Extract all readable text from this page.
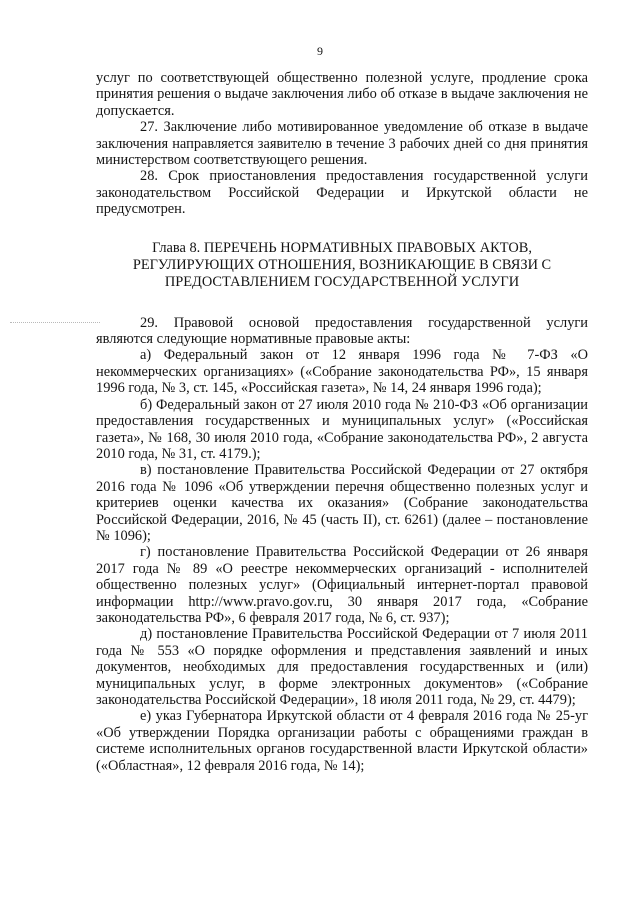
9

услуг по соответствующей общественно полезной услуге, продление срока принятия решения о выдаче заключения либо об отказе в выдаче заключения не допускается.

27. Заключение либо мотивированное уведомление об отказе в выдаче заключения направляется заявителю в течение 3 рабочих дней со дня принятия министерством соответствующего решения.

28. Срок приостановления предоставления государственной услуги законодательством Российской Федерации и Иркутской области не предусмотрен.

Глава 8. ПЕРЕЧЕНЬ НОРМАТИВНЫХ ПРАВОВЫХ АКТОВ,
РЕГУЛИРУЮЩИХ ОТНОШЕНИЯ, ВОЗНИКАЮЩИЕ В СВЯЗИ С
ПРЕДОСТАВЛЕНИЕМ ГОСУДАРСТВЕННОЙ УСЛУГИ

29. Правовой основой предоставления государственной услуги являются следующие нормативные правовые акты:

а) Федеральный закон от 12 января 1996 года № 7-ФЗ «О некоммерческих организациях» («Собрание законодательства РФ», 15 января 1996 года, № 3, ст. 145, «Российская газета», № 14, 24 января 1996 года);

б) Федеральный закон от 27 июля 2010 года № 210-ФЗ «Об организации предоставления государственных и муниципальных услуг» («Российская газета», № 168, 30 июля 2010 года, «Собрание законодательства РФ», 2 августа 2010 года, № 31, ст. 4179.);

в) постановление Правительства Российской Федерации от 27 октября 2016 года № 1096 «Об утверждении перечня общественно полезных услуг и критериев оценки качества их оказания» (Собрание законодательства Российской Федерации, 2016, № 45 (часть II), ст. 6261) (далее – постановление № 1096);

г) постановление Правительства Российской Федерации от 26 января 2017 года № 89 «О реестре некоммерческих организаций - исполнителей общественно полезных услуг» (Официальный интернет-портал правовой информации http://www.pravo.gov.ru, 30 января 2017 года, «Собрание законодательства РФ», 6 февраля 2017 года, № 6, ст. 937);

д) постановление Правительства Российской Федерации от 7 июля 2011 года № 553 «О порядке оформления и представления заявлений и иных документов, необходимых для предоставления государственных и (или) муниципальных услуг, в форме электронных документов» («Собрание законодательства Российской Федерации», 18 июля 2011 года, № 29, ст. 4479);

е) указ Губернатора Иркутской области от 4 февраля 2016 года № 25-уг «Об утверждении Порядка организации работы с обращениями граждан в системе исполнительных органов государственной власти Иркутской области» («Областная», 12 февраля 2016 года, № 14);
